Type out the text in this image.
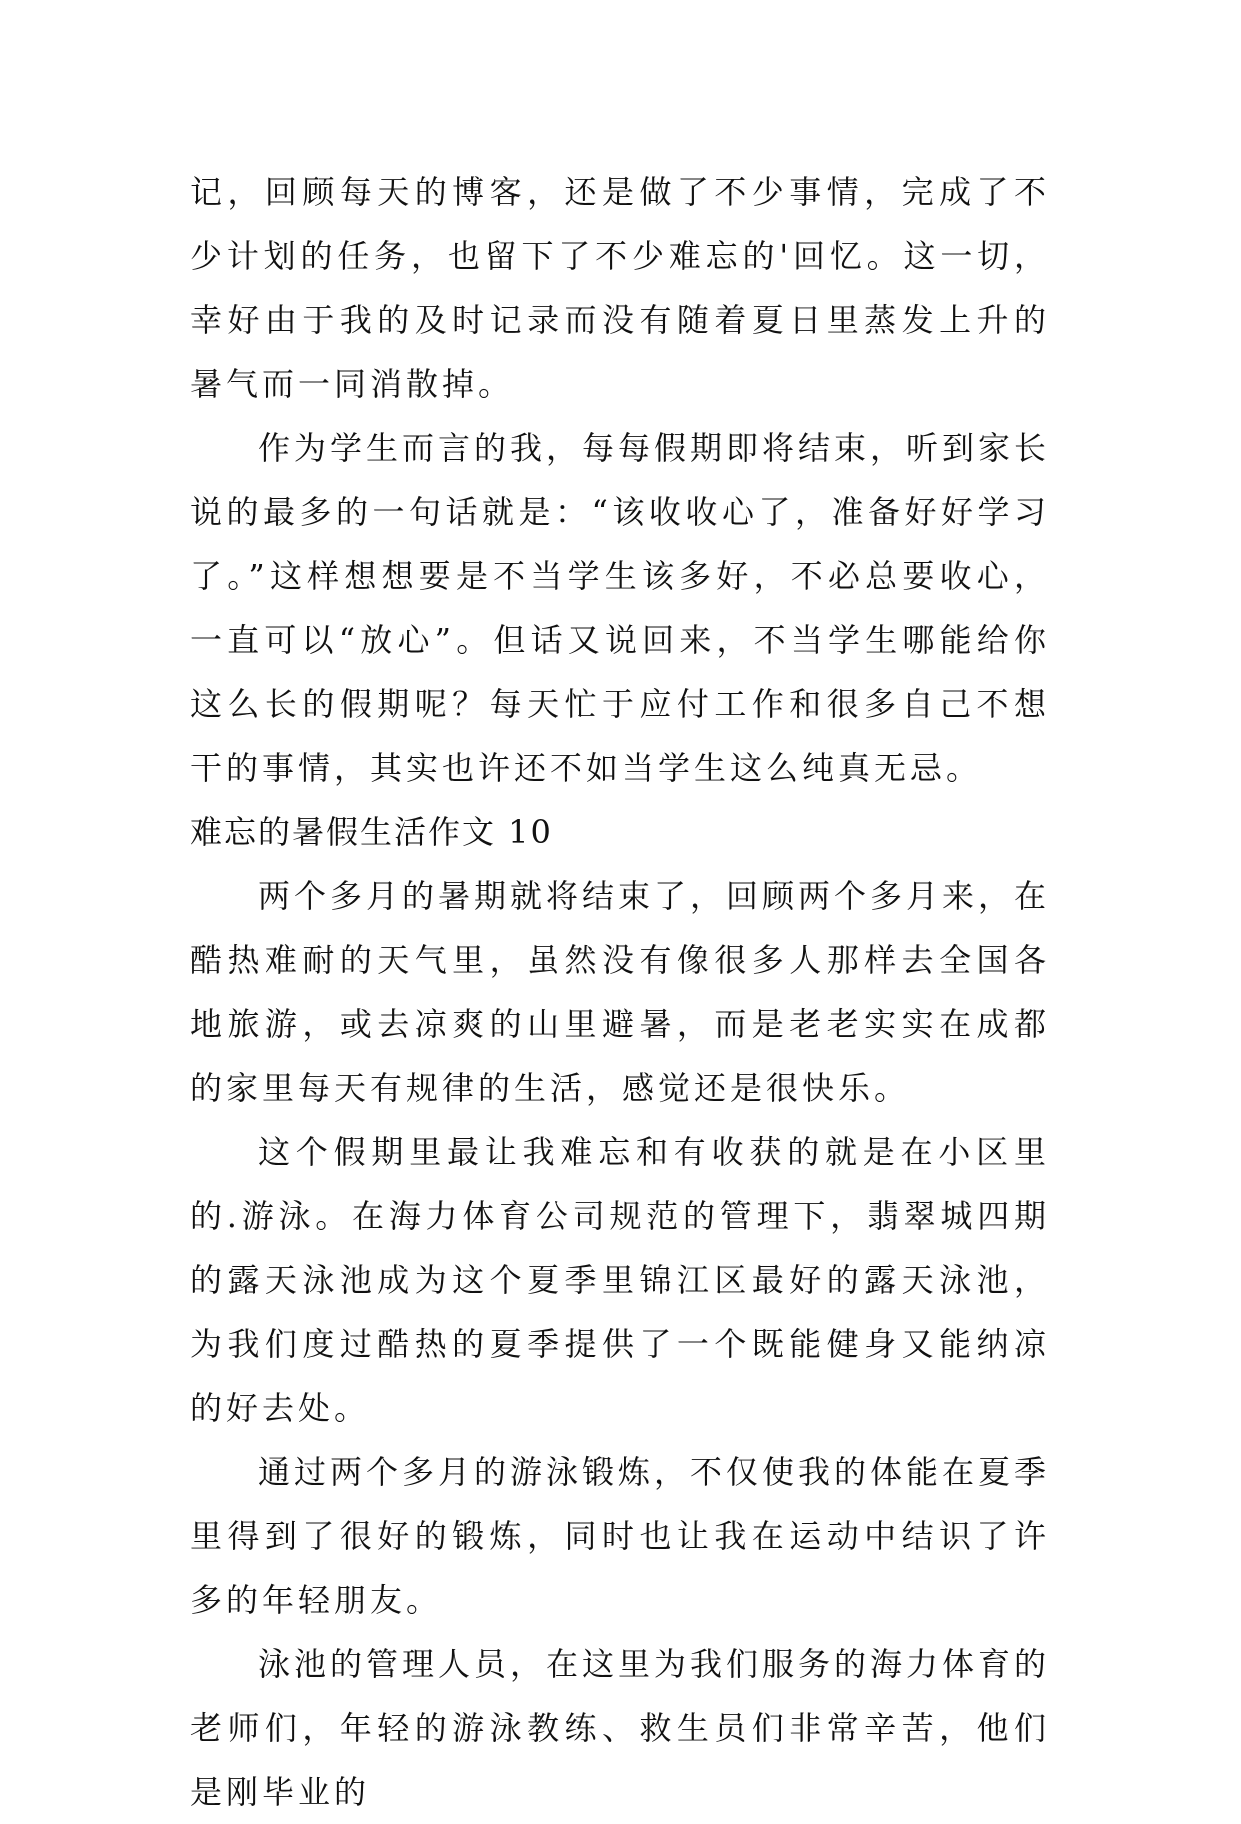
记，回顾每天的博客，还是做了不少事情，完成了不少计划的任务，也留下了不少难忘的'回忆。这一切，幸好由于我的及时记录而没有随着夏日里蒸发上升的暑气而一同消散掉。

作为学生而言的我，每每假期即将结束，听到家长说的最多的一句话就是：“该收收心了，准备好好学习了。”这样想想要是不当学生该多好，不必总要收心，一直可以“放心”。但话又说回来，不当学生哪能给你这么长的假期呢？每天忙于应付工作和很多自己不想干的事情，其实也许还不如当学生这么纯真无忌。

难忘的暑假生活作文 10

两个多月的暑期就将结束了，回顾两个多月来，在酷热难耐的天气里，虽然没有像很多人那样去全国各地旅游，或去凉爽的山里避暑，而是老老实实在成都的家里每天有规律的生活，感觉还是很快乐。

这个假期里最让我难忘和有收获的就是在小区里的.游泳。在海力体育公司规范的管理下，翡翠城四期的露天泳池成为这个夏季里锦江区最好的露天泳池，为我们度过酷热的夏季提供了一个既能健身又能纳凉的好去处。

通过两个多月的游泳锻炼，不仅使我的体能在夏季里得到了很好的锻炼，同时也让我在运动中结识了许多的年轻朋友。

泳池的管理人员，在这里为我们服务的海力体育的老师们，年轻的游泳教练、救生员们非常辛苦，他们是刚毕业的
